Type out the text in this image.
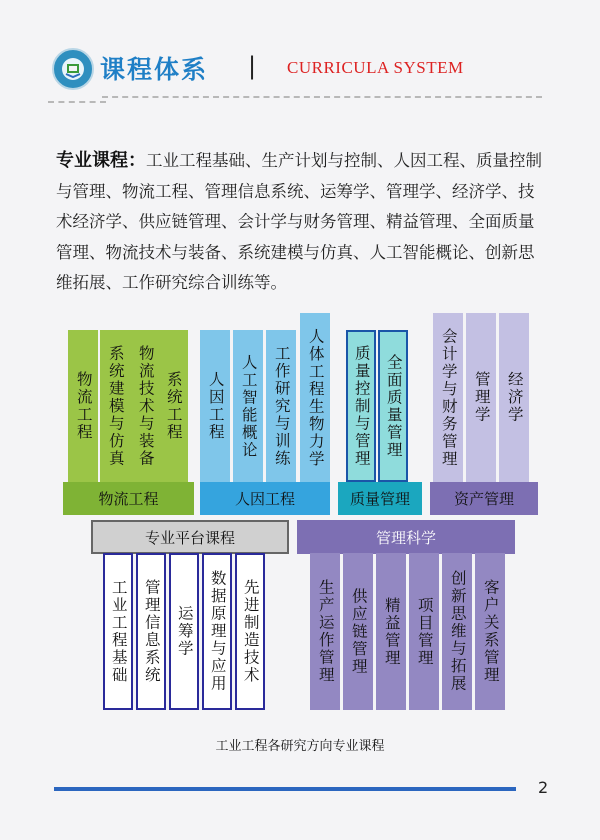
课程体系 | CURRICULA SYSTEM
专业课程：工业工程基础、生产计划与控制、人因工程、质量控制与管理、物流工程、管理信息系统、运筹学、管理学、经济学、技术经济学、供应链管理、会计学与财务管理、精益管理、全面质量管理、物流技术与装备、系统建模与仿真、人工智能概论、创新思维拓展、工作研究综合训练等。
物流工程 系统建模与仿真 物流技术与装备 系统工程 人因工程 人工智能概论 工作研究与训练 人体工程生物力学 质量控制与管理 全面质量管理 会计学与财务管理 管理学 经济学
物流工程	人因工程	质量管理	资产管理
专业平台课程	管理科学
工业工程基础 管理信息系统 运筹学 数据原理与应用 先进制造技术	生产运作管理 供应链管理 精益管理 项目管理 创新思维与拓展 客户关系管理
工业工程各研究方向专业课程
2
